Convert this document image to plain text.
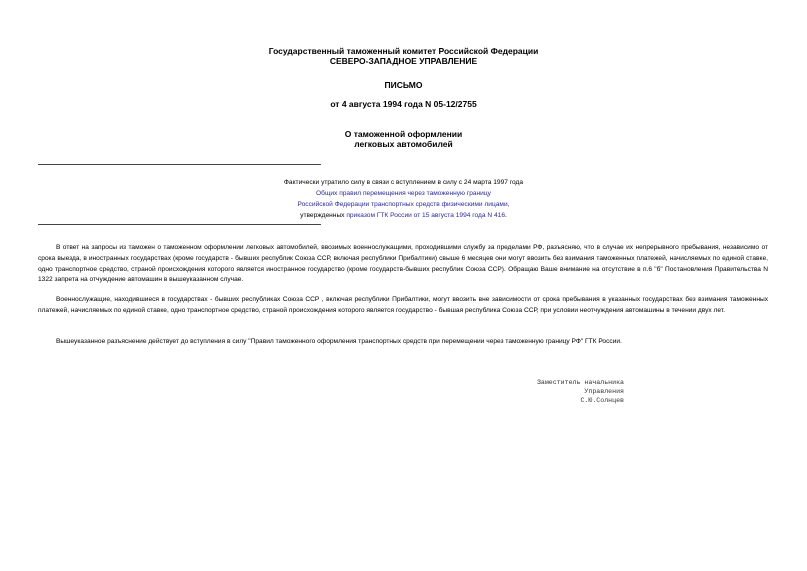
Государственный таможенный комитет Российской Федерации
СЕВЕРО-ЗАПАДНОЕ УПРАВЛЕНИЕ
ПИСЬМО
от 4 августа 1994 года N 05-12/2755
О таможенной оформлении
легковых автомобилей
Фактически утратило силу в связи с вступлением в силу с 24 марта 1997 года
Общих правил перемещения через таможенную границу
Российской Федерации транспортных средств физическими лицами,
утвержденных приказом ГТК России от 15 августа 1994 года N 416.
В ответ на запросы из таможен о таможенном оформлении легковых автомобилей, ввозимых военнослужащими, проходившими службу за пределами РФ, разъясняю, что в случае их непрерывного пребывания, независимо от срока выезда, в иностранных государствах (кроме государств - бывших республик Союза ССР, включая республики Прибалтики) свыше 6 месяцев они могут ввозить без взимания таможенных платежей, начисляемых по единой ставке, одно транспортное средство, страной происхождения которого является иностранное государство (кроме государств-бывших республик Союза ССР). Обращаю Ваше внимание на отсутствие в п.6 "б" Постановления Правительства N 1322 запрета на отчуждение автомашин в вышеуказанном случае.
Военнослужащие, находившиеся в государствах - бывших республиках Союза ССР , включая республики Прибалтики, могут ввозить вне зависимости от срока пребывания в указанных государствах без взимания таможенных платежей, начисляемых по единой ставке, одно транспортное средство, страной происхождения которого является государство - бывшая республика Союза ССР, при условии неотчуждения автомашины в течении двух лет.
Вышеуказанное разъяснение действует до вступления в силу "Правил таможенного оформления транспортных средств при перемещении через таможенную границу РФ" ГТК России.
Заместитель начальника
Управления
С.Ю.Солнцев
